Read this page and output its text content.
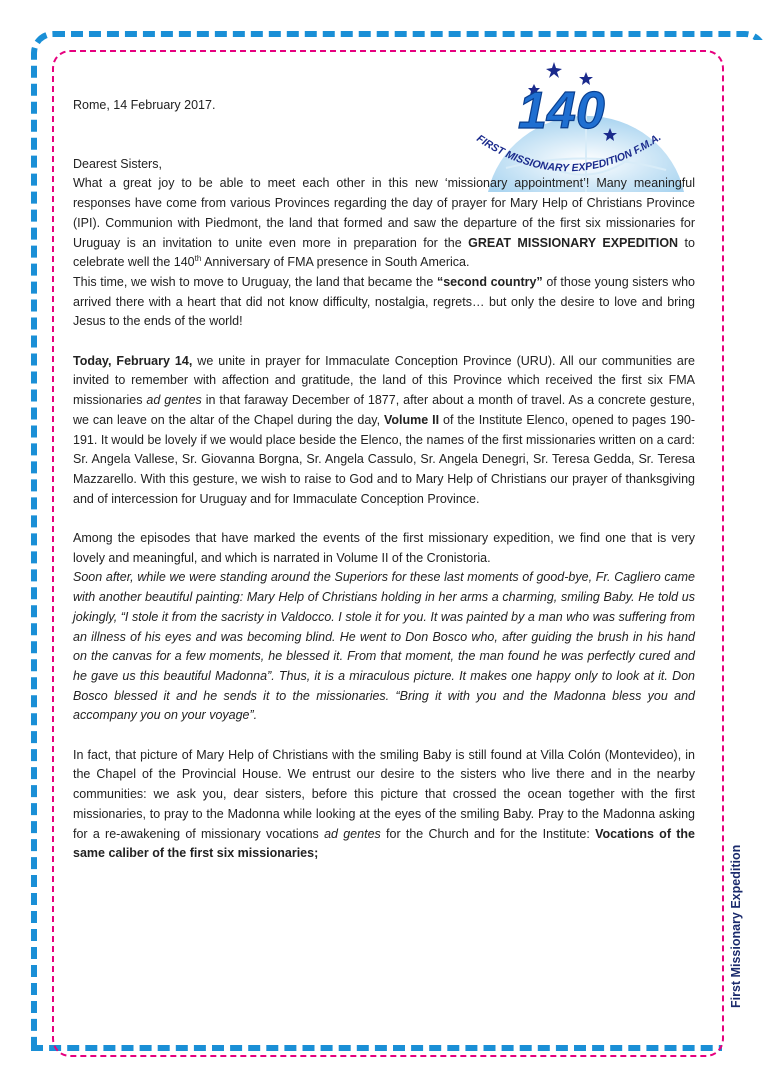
First Missionary Expedition
140
FIRST MISSIONARY EXPEDITION F.M.A.

Rome, 14 February 2017.

Dearest Sisters,

What a great joy to be able to meet each other in this new ‘missionary appointment’! Many meaningful responses have come from various Provinces regarding the day of prayer for Mary Help of Christians Province (IPI). Communion with Piedmont, the land that formed and saw the departure of the first six missionaries for Uruguay is an invitation to unite even more in preparation for the GREAT MISSIONARY EXPEDITION to celebrate well the 140th Anniversary of FMA presence in South America.

This time, we wish to move to Uruguay, the land that became the “second country” of those young sisters who arrived there with a heart that did not know difficulty, nostalgia, regrets… but only the desire to love and bring Jesus to the ends of the world!

Today, February 14, we unite in prayer for Immaculate Conception Province (URU). All our communities are invited to remember with affection and gratitude, the land of this Province which received the first six FMA missionaries ad gentes in that faraway December of 1877, after about a month of travel. As a concrete gesture, we can leave on the altar of the Chapel during the day, Volume II of the Institute Elenco, opened to pages 190-191. It would be lovely if we would place beside the Elenco, the names of the first missionaries written on a card: Sr. Angela Vallese, Sr. Giovanna Borgna, Sr. Angela Cassulo, Sr. Angela Denegri, Sr. Teresa Gedda, Sr. Teresa Mazzarello. With this gesture, we wish to raise to God and to Mary Help of Christians our prayer of thanksgiving and of intercession for Uruguay and for Immaculate Conception Province.

Among the episodes that have marked the events of the first missionary expedition, we find one that is very lovely and meaningful, and which is narrated in Volume II of the Cronistoria.

Soon after, while we were standing around the Superiors for these last moments of good-bye, Fr. Cagliero came with another beautiful painting: Mary Help of Christians holding in her arms a charming, smiling Baby. He told us jokingly, “I stole it from the sacristy in Valdocco. I stole it for you. It was painted by a man who was suffering from an illness of his eyes and was becoming blind. He went to Don Bosco who, after guiding the brush in his hand on the canvas for a few moments, he blessed it. From that moment, the man found he was perfectly cured and he gave us this beautiful Madonna”. Thus, it is a miraculous picture. It makes one happy only to look at it. Don Bosco blessed it and he sends it to the missionaries. “Bring it with you and the Madonna bless you and accompany you on your voyage”.

In fact, that picture of Mary Help of Christians with the smiling Baby is still found at Villa Colón (Montevideo), in the Chapel of the Provincial House. We entrust our desire to the sisters who live there and in the nearby communities: we ask you, dear sisters, before this picture that crossed the ocean together with the first missionaries, to pray to the Madonna while looking at the eyes of the smiling Baby. Pray to the Madonna asking for a re-awakening of missionary vocations ad gentes for the Church and for the Institute: Vocations of the same caliber of the first six missionaries;
